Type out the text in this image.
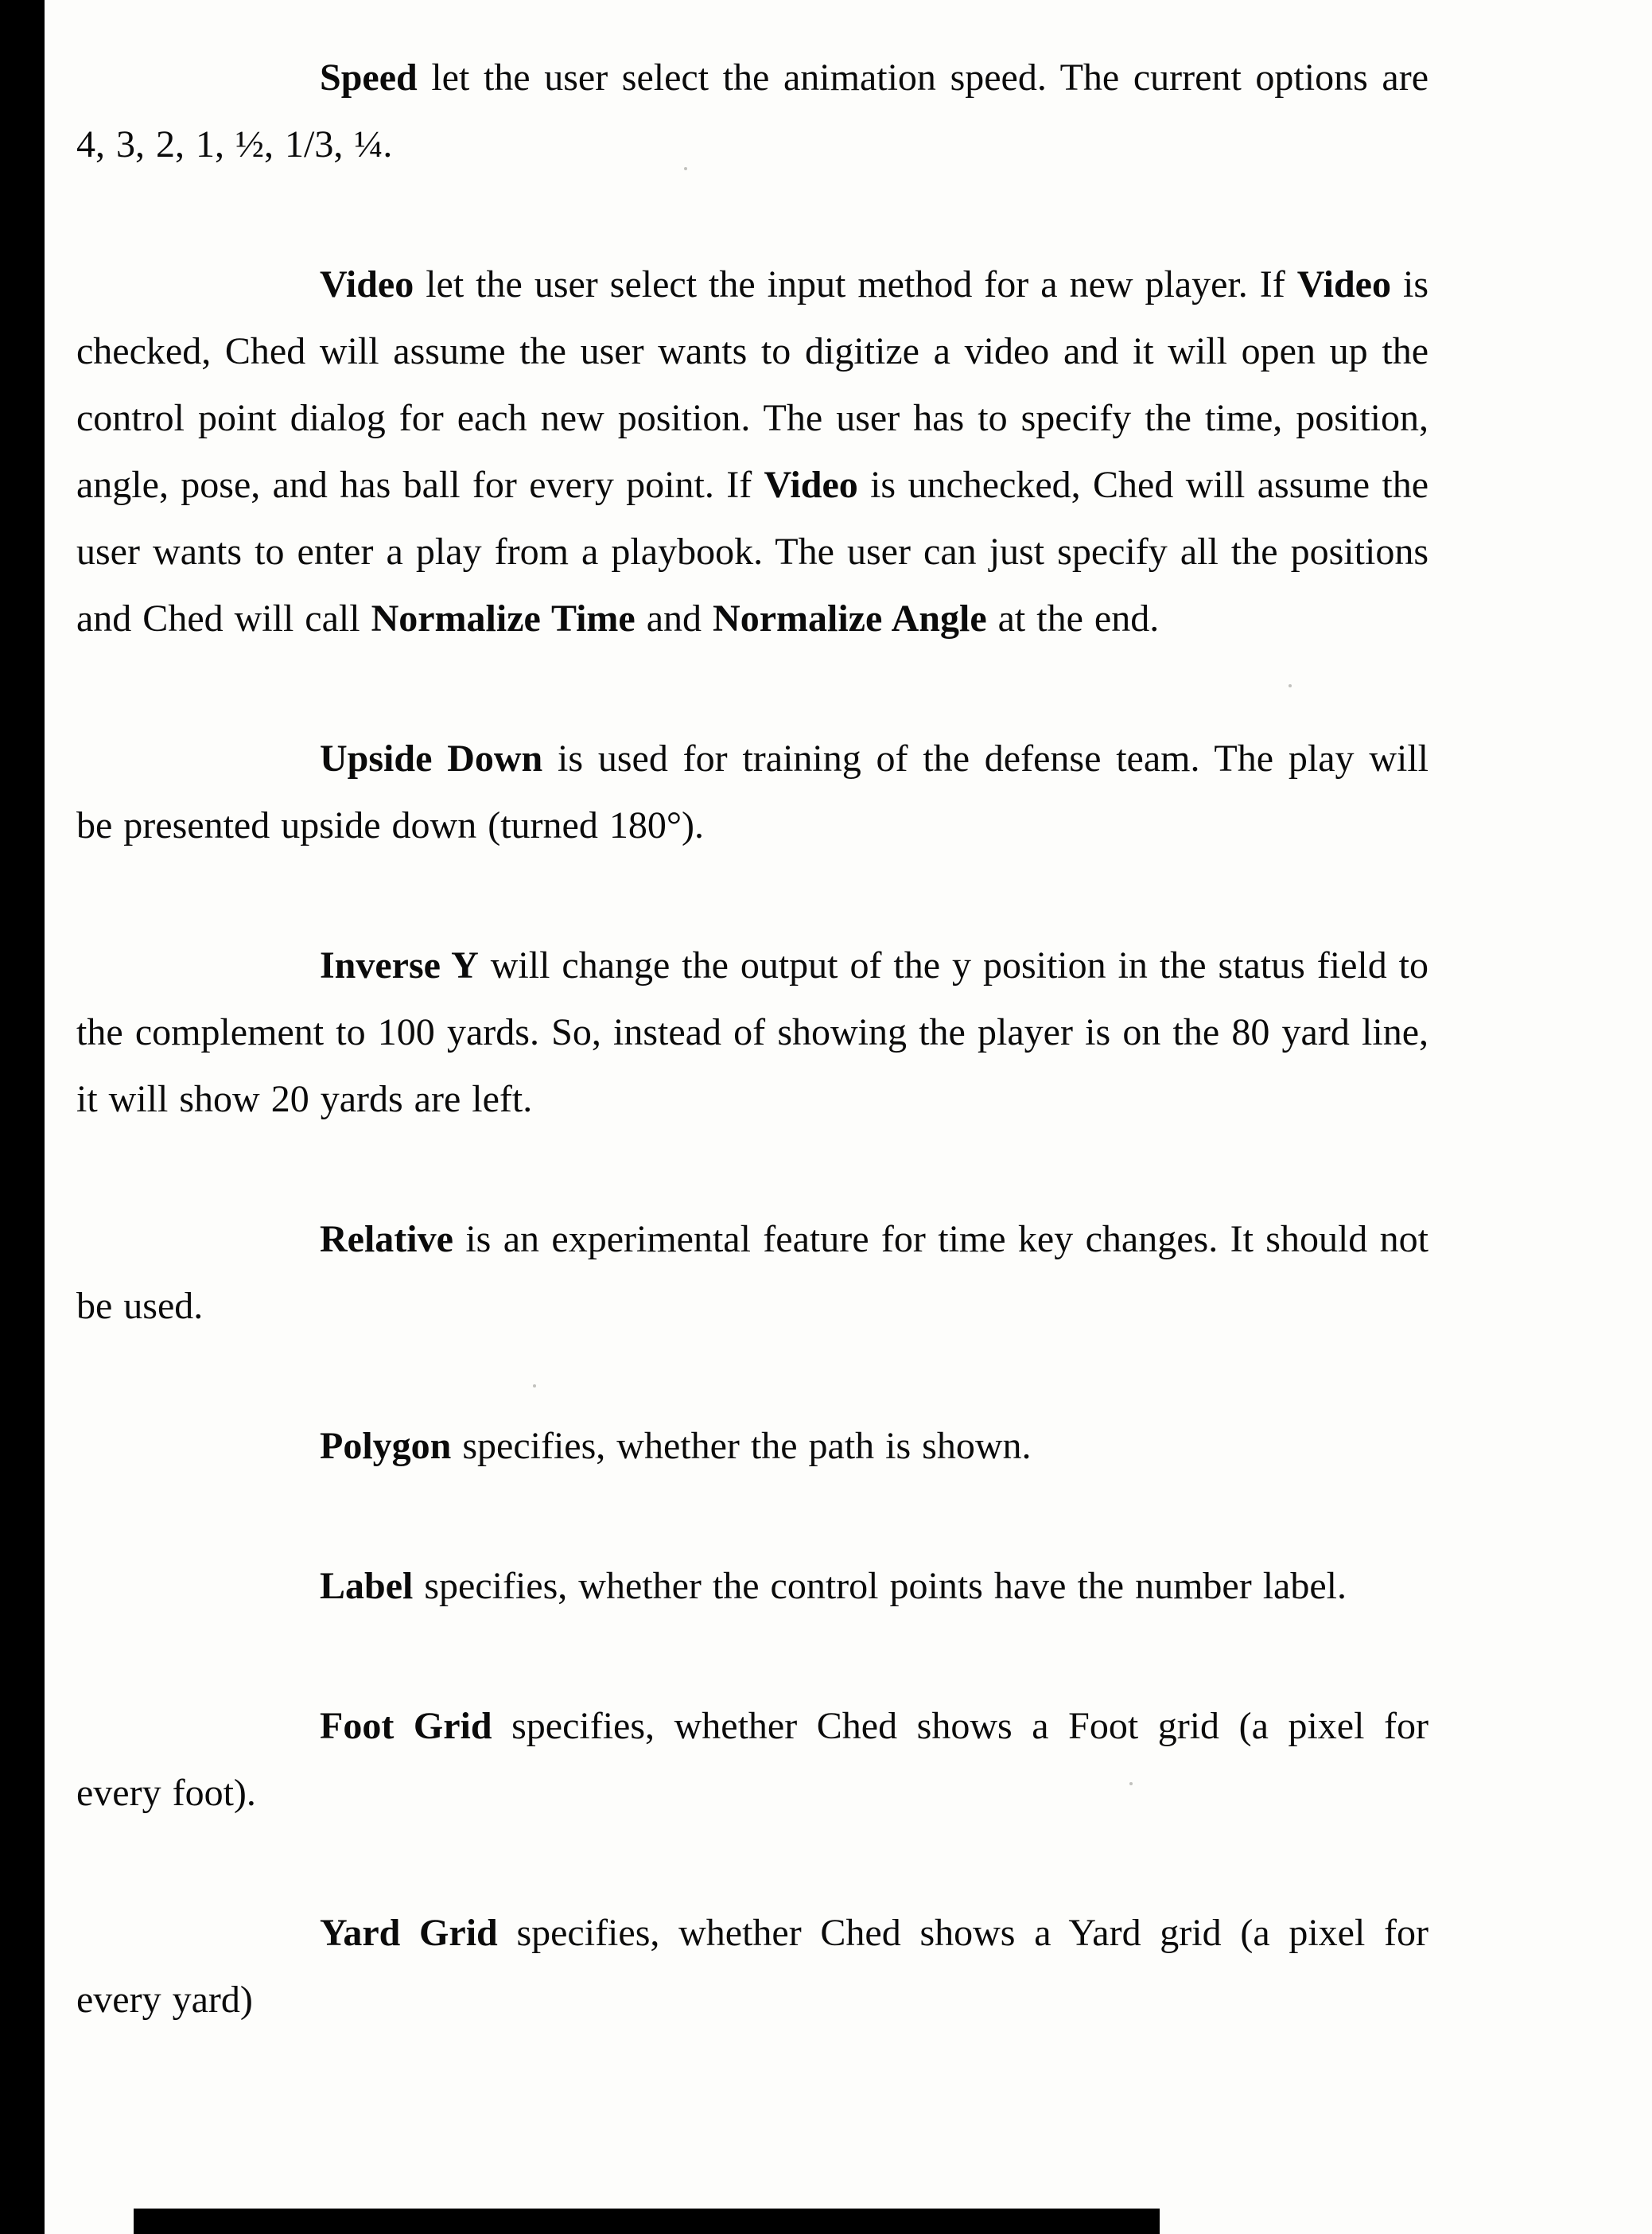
Speed let the user select the animation speed. The current options are 4, 3, 2, 1, ½, 1/3, ¼.

Video let the user select the input method for a new player. If Video is checked, Ched will assume the user wants to digitize a video and it will open up the control point dialog for each new position. The user has to specify the time, position, angle, pose, and has ball for every point. If Video is unchecked, Ched will assume the user wants to enter a play from a playbook. The user can just specify all the positions and Ched will call Normalize Time and Normalize Angle at the end.

Upside Down is used for training of the defense team. The play will be presented upside down (turned 180°).

Inverse Y will change the output of the y position in the status field to the complement to 100 yards. So, instead of showing the player is on the 80 yard line, it will show 20 yards are left.

Relative is an experimental feature for time key changes. It should not be used.

Polygon specifies, whether the path is shown.

Label specifies, whether the control points have the number label.

Foot Grid specifies, whether Ched shows a Foot grid (a pixel for every foot).

Yard Grid specifies, whether Ched shows a Yard grid (a pixel for every yard)
